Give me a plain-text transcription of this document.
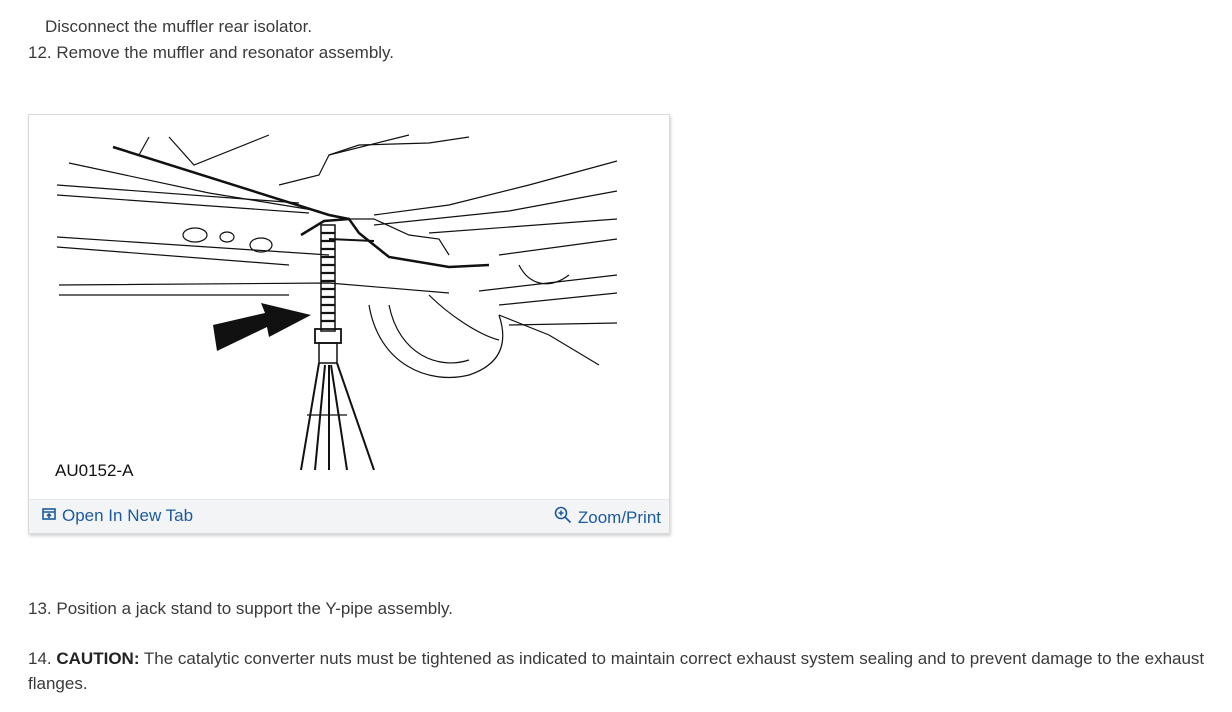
Disconnect the muffler rear isolator.
12. Remove the muffler and resonator assembly.
AU0152-A
Open In New Tab	Zoom/Print
13. Position a jack stand to support the Y-pipe assembly.
14. CAUTION: The catalytic converter nuts must be tightened as indicated to maintain correct exhaust system sealing and to prevent damage to the exhaust flanges.
